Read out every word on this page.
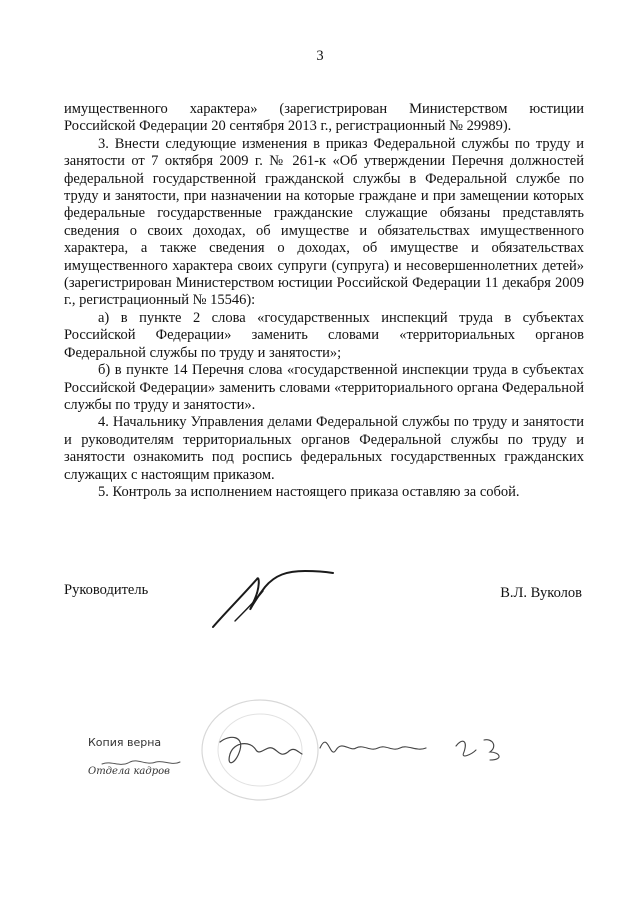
3

имущественного характера» (зарегистрирован Министерством юстиции Российской Федерации 20 сентября 2013 г., регистрационный № 29989).

3. Внести следующие изменения в приказ Федеральной службы по труду и занятости от 7 октября 2009 г. № 261-к «Об утверждении Перечня должностей федеральной государственной гражданской службы в Федеральной службе по труду и занятости, при назначении на которые граждане и при замещении которых федеральные государственные гражданские служащие обязаны представлять сведения о своих доходах, об имуществе и обязательствах имущественного характера, а также сведения о доходах, об имуществе и обязательствах имущественного характера своих супруги (супруга) и несовершеннолетних детей» (зарегистрирован Министерством юстиции Российской Федерации 11 декабря 2009 г., регистрационный № 15546):

а) в пункте 2 слова «государственных инспекций труда в субъектах Российской Федерации» заменить словами «территориальных органов Федеральной службы по труду и занятости»;

б) в пункте 14 Перечня слова «государственной инспекции труда в субъектах Российской Федерации» заменить словами «территориального органа Федеральной службы по труду и занятости».

4. Начальнику Управления делами Федеральной службы по труду и занятости и руководителям территориальных органов Федеральной службы по труду и занятости ознакомить под роспись федеральных государственных гражданских служащих с настоящим приказом.

5. Контроль за исполнением настоящего приказа оставляю за собой.

Руководитель	В.Л. Вуколов
Копия верна
Отдела кадров
